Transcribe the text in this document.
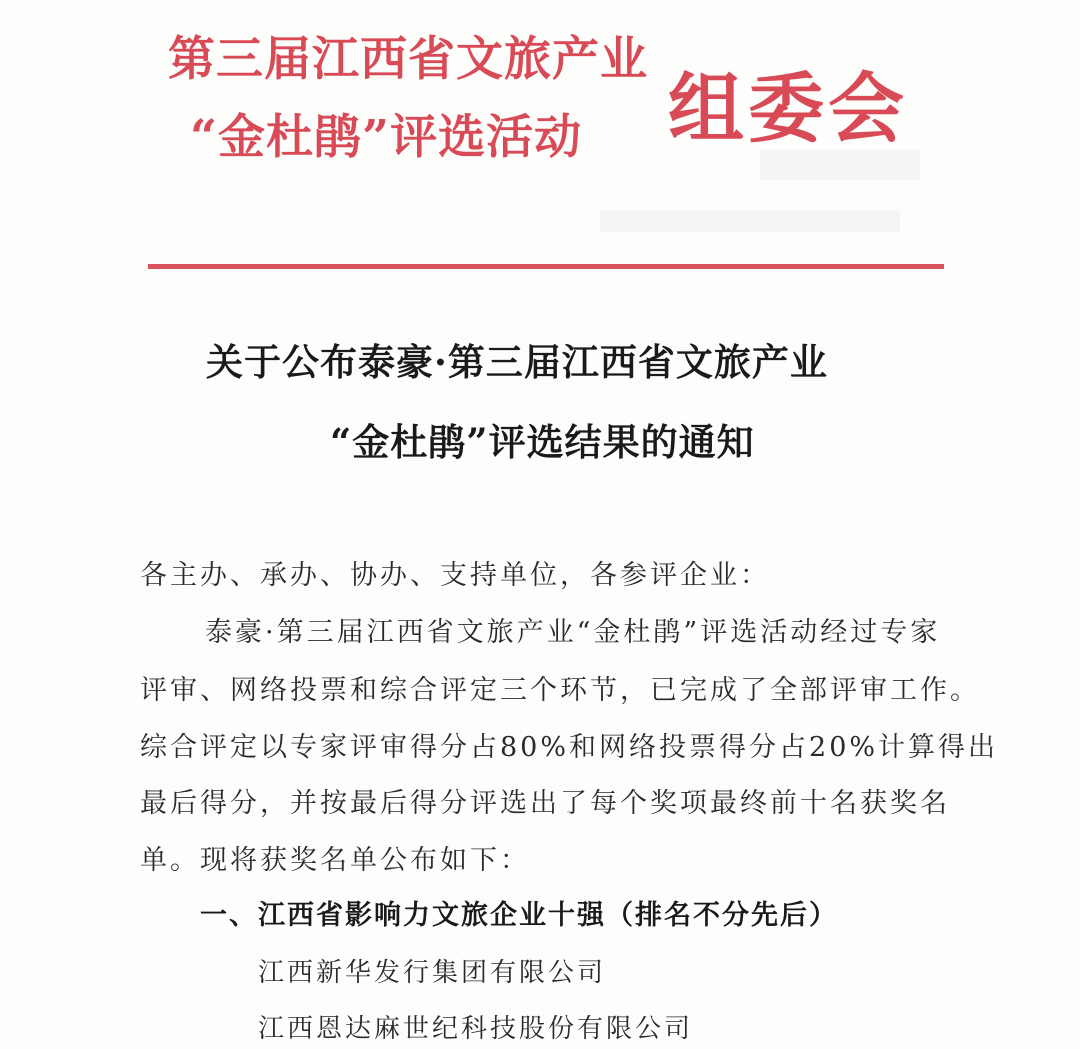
第三届江西省文旅产业
“金杜鹃”评选活动	组委会
关于公布泰豪·第三届江西省文旅产业
“金杜鹃”评选结果的通知
各主办、承办、协办、支持单位，各参评企业：
泰豪·第三届江西省文旅产业“金杜鹃”评选活动经过专家
评审、网络投票和综合评定三个环节，已完成了全部评审工作。
综合评定以专家评审得分占80%和网络投票得分占20%计算得出
最后得分，并按最后得分评选出了每个奖项最终前十名获奖名
单。现将获奖名单公布如下：
一、江西省影响力文旅企业十强（排名不分先后）
江西新华发行集团有限公司
江西恩达麻世纪科技股份有限公司
